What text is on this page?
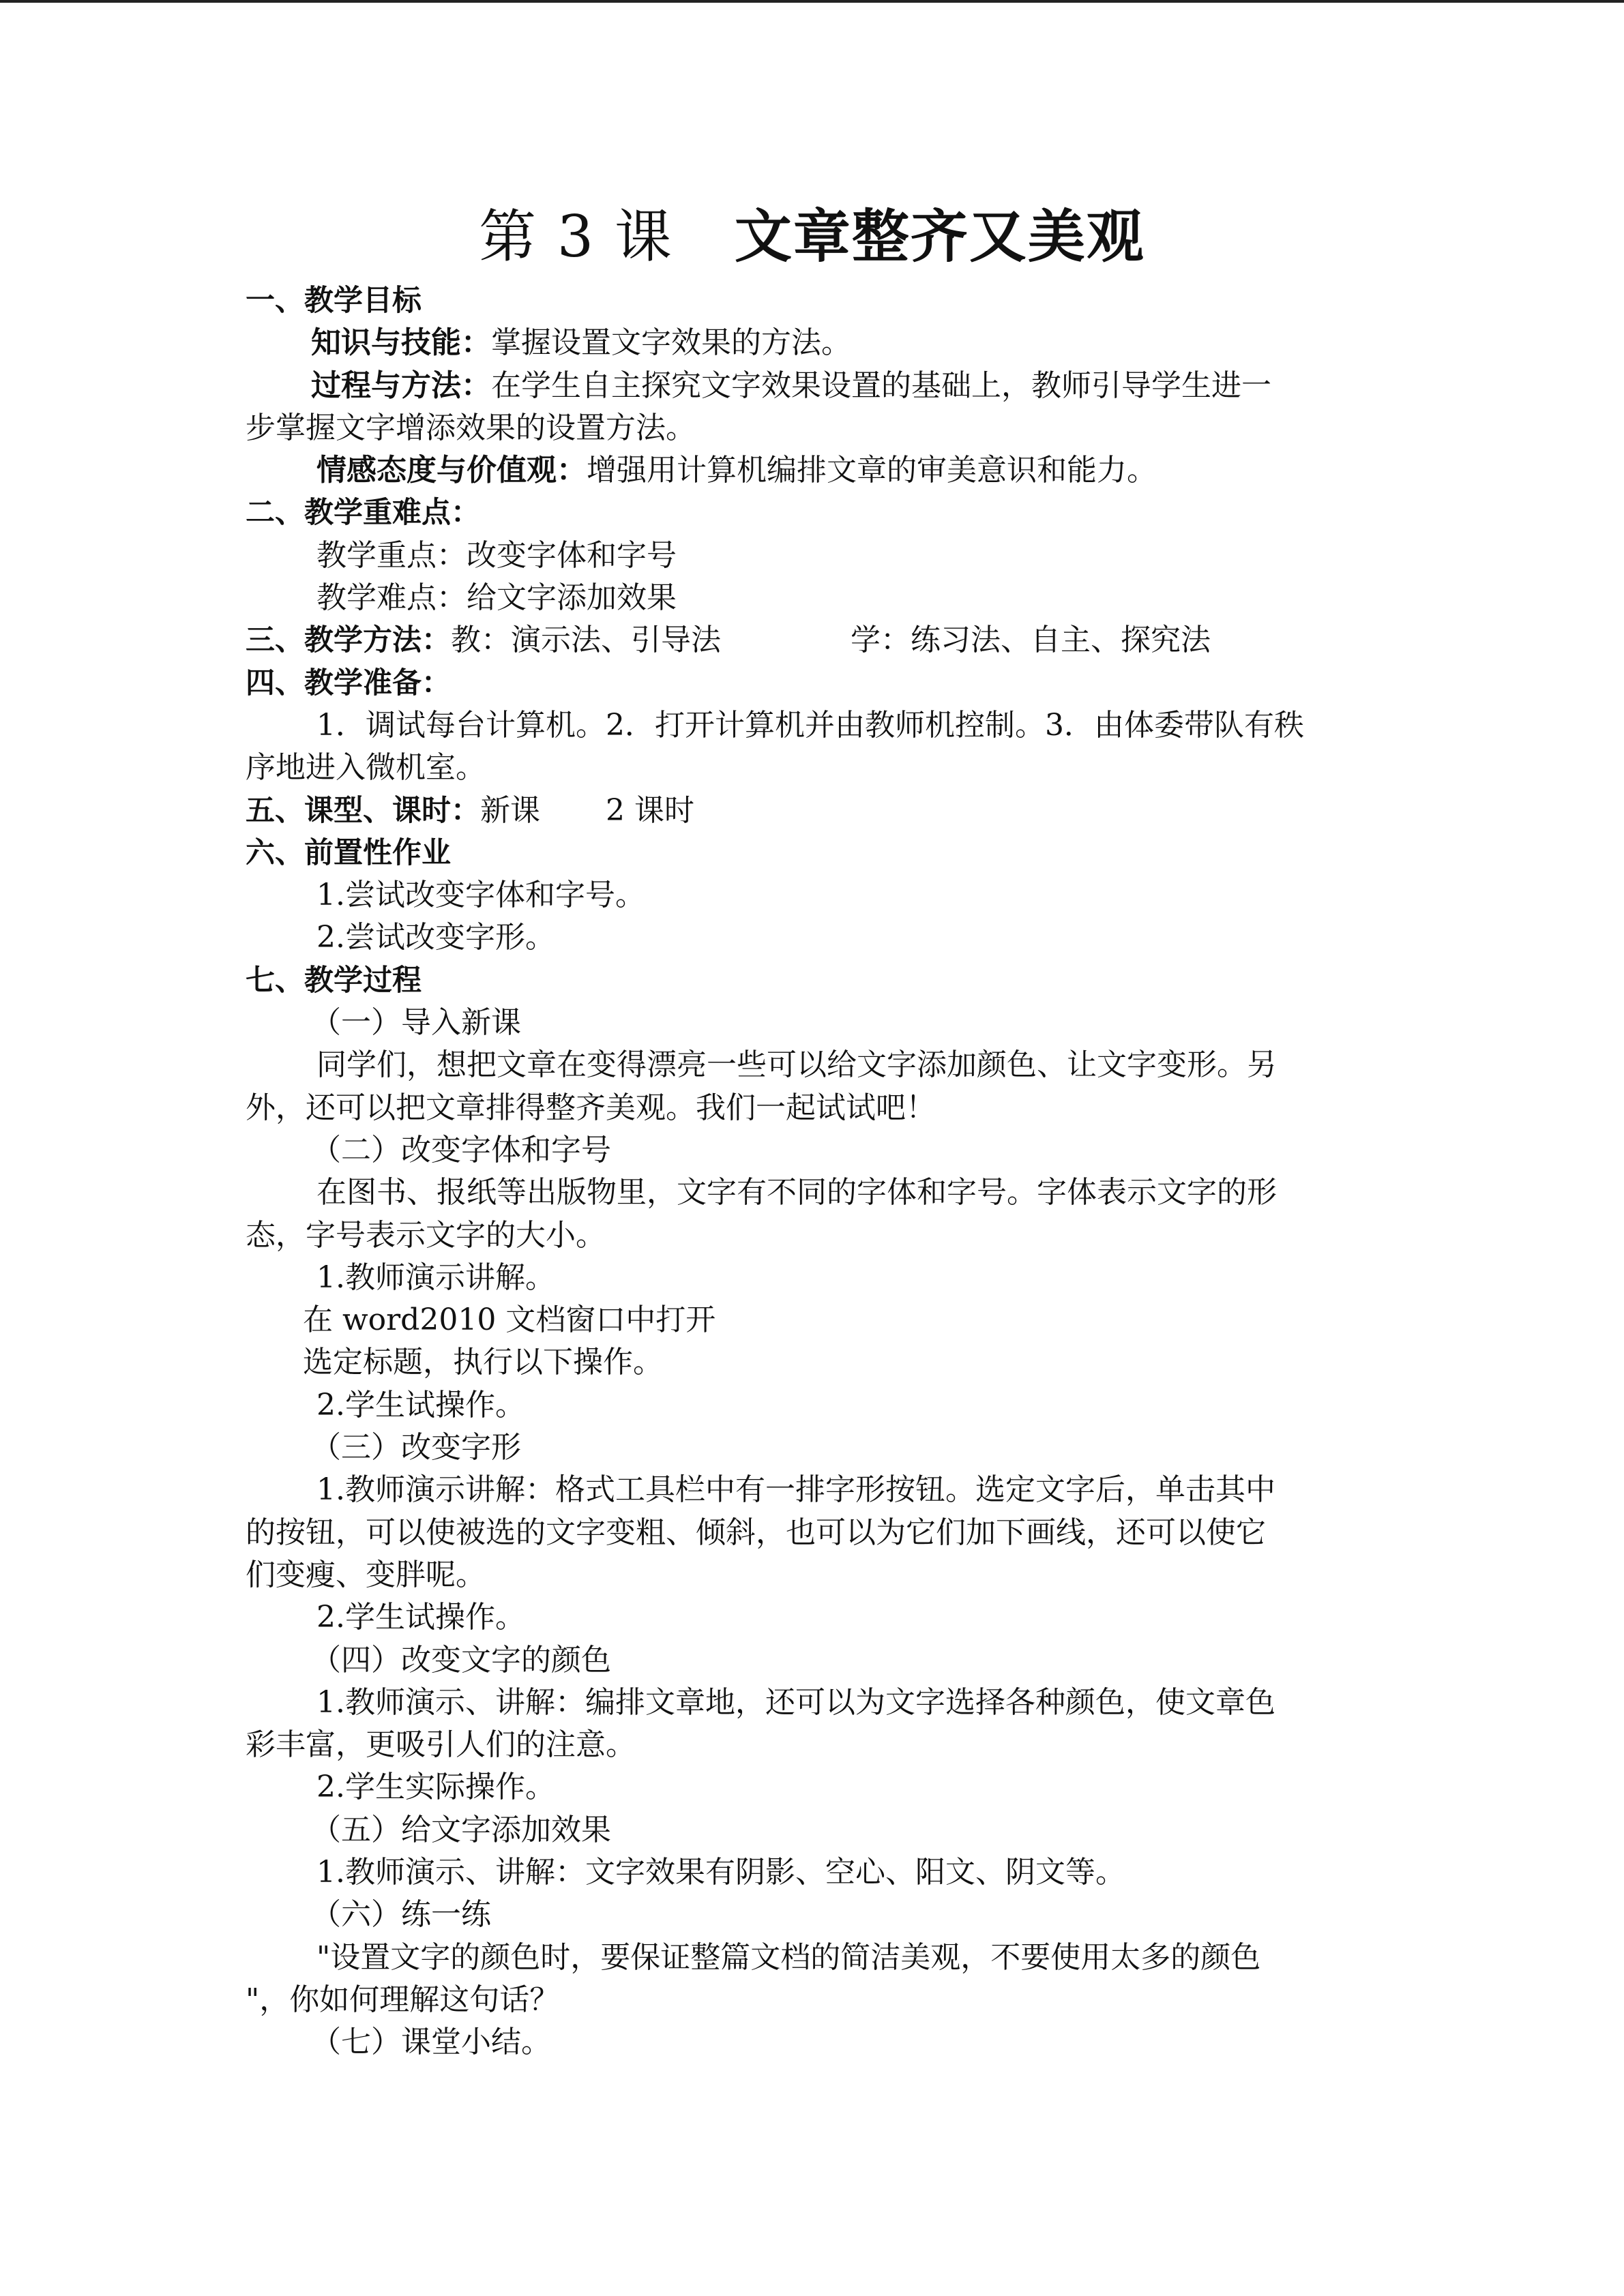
第 3 课 文章整齐又美观
一、教学目标
知识与技能：掌握设置文字效果的方法。
过程与方法：在学生自主探究文字效果设置的基础上，教师引导学生进一
步掌握文字增添效果的设置方法。
情感态度与价值观：增强用计算机编排文章的审美意识和能力。
二、教学重难点：
教学重点：改变字体和字号
教学难点：给文字添加效果
三、教学方法：教：演示法、引导法	学：练习法、自主、探究法
四、教学准备：
1．调试每台计算机。2．打开计算机并由教师机控制。3．由体委带队有秩
序地进入微机室。
五、课型、课时：新课 2 课时
六、前置性作业
1.尝试改变字体和字号。
2.尝试改变字形。
七、教学过程
（一）导入新课
同学们，想把文章在变得漂亮一些可以给文字添加颜色、让文字变形。另
外，还可以把文章排得整齐美观。我们一起试试吧！
（二）改变字体和字号
在图书、报纸等出版物里，文字有不同的字体和字号。字体表示文字的形
态，字号表示文字的大小。
1.教师演示讲解。
在 word2010 文档窗口中打开
选定标题，执行以下操作。
2.学生试操作。
（三）改变字形
1.教师演示讲解：格式工具栏中有一排字形按钮。选定文字后，单击其中
的按钮，可以使被选的文字变粗、倾斜，也可以为它们加下画线，还可以使它
们变瘦、变胖呢。
2.学生试操作。
（四）改变文字的颜色
1.教师演示、讲解：编排文章地，还可以为文字选择各种颜色，使文章色
彩丰富，更吸引人们的注意。
2.学生实际操作。
（五）给文字添加效果
1.教师演示、讲解：文字效果有阴影、空心、阳文、阴文等。
（六）练一练
"设置文字的颜色时，要保证整篇文档的简洁美观，不要使用太多的颜色
"，你如何理解这句话？
（七）课堂小结。
